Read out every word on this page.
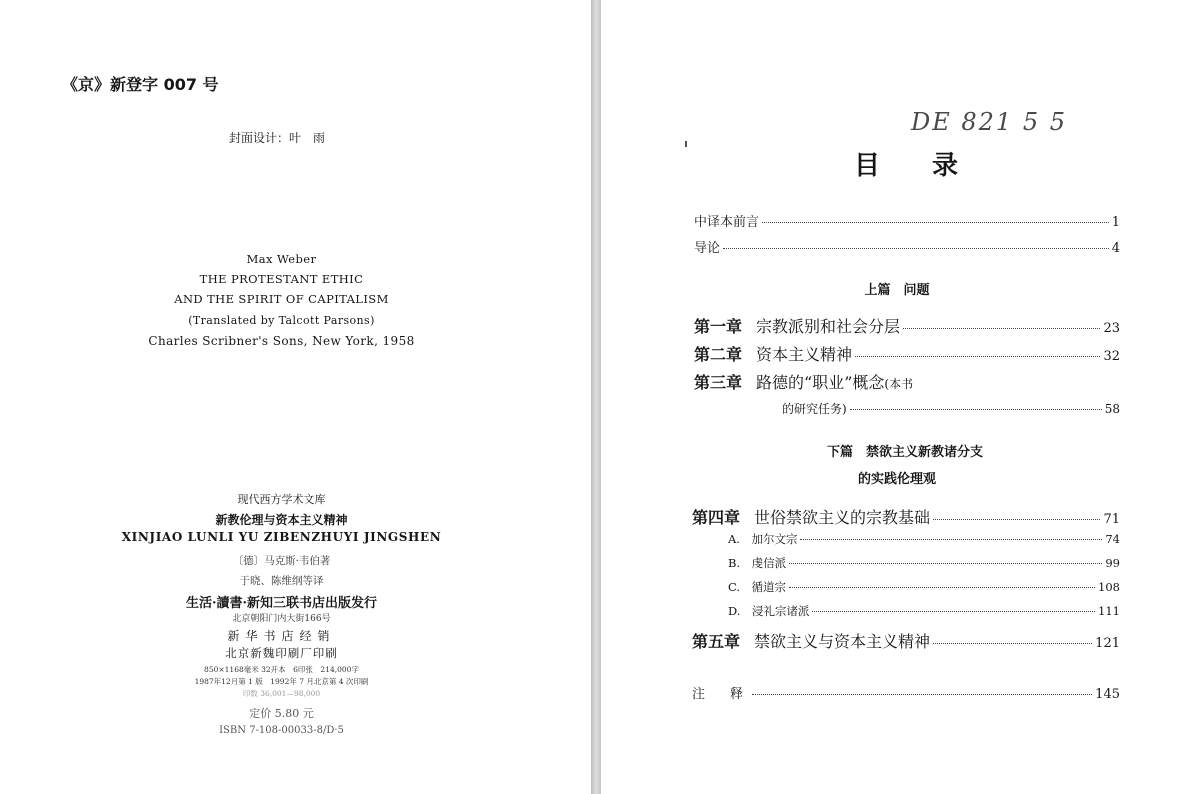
《京》新登字 007 号
封面设计：叶　雨
Max Weber
THE PROTESTANT ETHIC
AND THE SPIRIT OF CAPITALISM
(Translated by Talcott Parsons)
Charles Scribner's Sons, New York, 1958
现代西方学术文库
新教伦理与资本主义精神
XINJIAO LUNLI YU ZIBENZHUYI JINGSHEN
〔德〕马克斯·韦伯著
于晓、陈维纲等译
生活·讀書·新知三联书店出版发行
北京朝阳门内大街166号
新华书店经销
北京新魏印刷厂印刷
850×1168毫米 32开本　6印张　214,000字
1987年12月第 1 版　1992年 7 月北京第 4 次印刷
印数 36,001—98,000
定价 5.80 元
ISBN 7-108-00033-8/D·5
DE 821 5 5
目录
中译本前言	1
导论	4
上篇　问题
第一章 宗教派别和社会分层	23
第二章 资本主义精神	32
第三章 路德的“职业”概念(本书
的研究任务)	58
下篇　禁欲主义新教诸分支
的实践伦理观
第四章 世俗禁欲主义的宗教基础	71
A.　加尔文宗	74
B.　虔信派	99
C.　循道宗	108
D.　浸礼宗诸派	111
第五章 禁欲主义与资本主义精神	121
注　释	145
